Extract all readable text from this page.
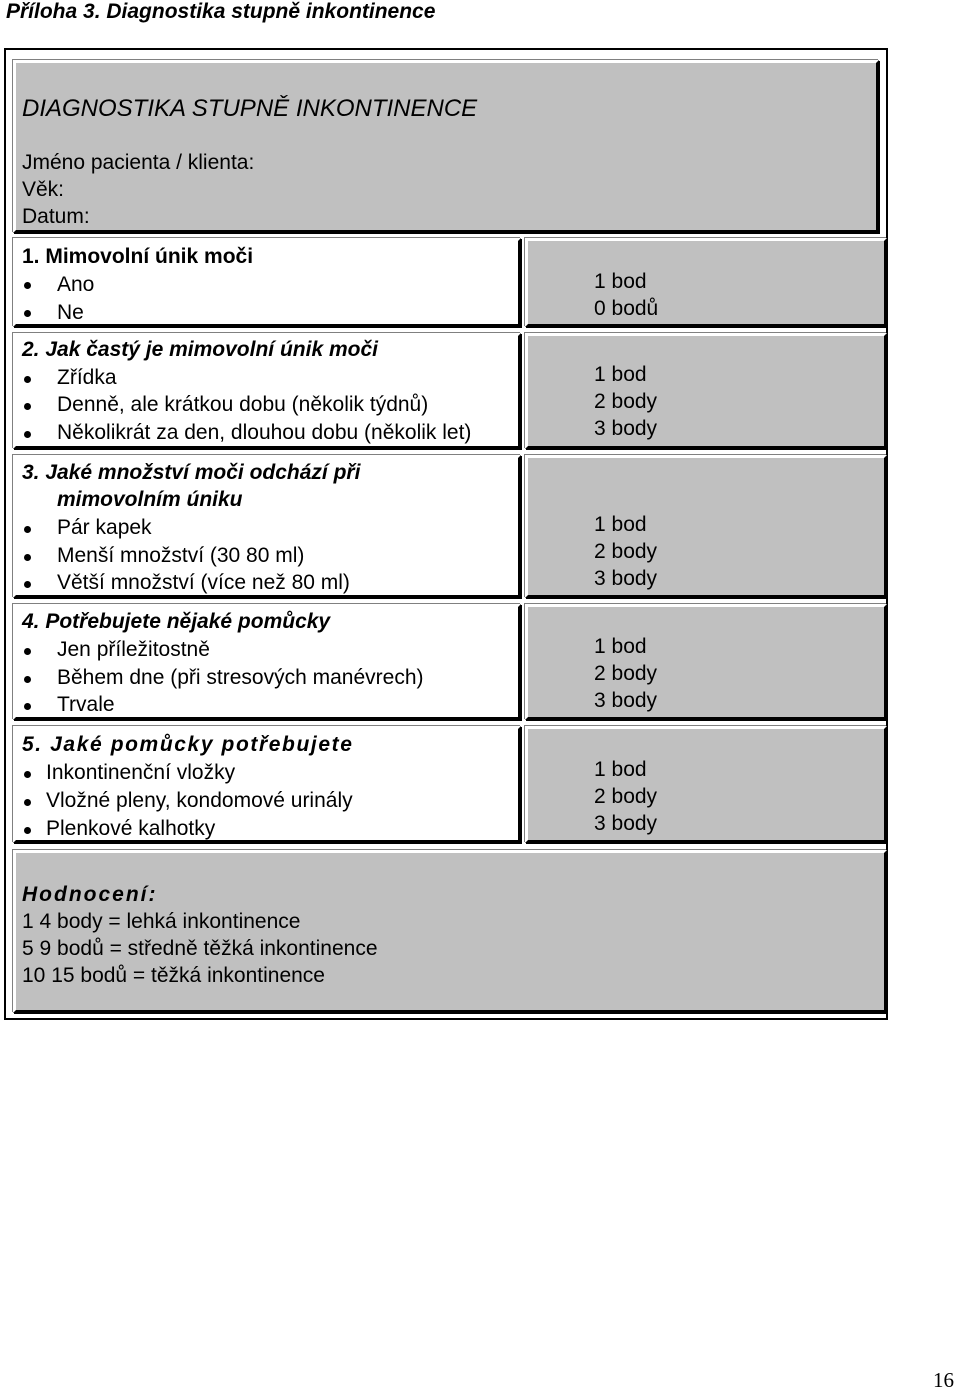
Příloha 3. Diagnostika stupně inkontinence
DIAGNOSTIKA STUPNĚ INKONTINENCE
Jméno pacienta / klienta:
Věk:
Datum:
1. Mimovolní únik moči
Ano
Ne
1 bod
0 bodů
2. Jak častý je mimovolní únik moči
Zřídka
Denně, ale krátkou dobu (několik týdnů)
Několikrát za den, dlouhou dobu (několik let)
1 bod
2 body
3 body
3. Jaké množství moči odchází při
mimovolním úniku
Pár kapek
Menší množství (30 80 ml)
Větší množství (více než 80 ml)
1 bod
2 body
3 body
4. Potřebujete nějaké pomůcky
Jen příležitostně
Během dne (při stresových manévrech)
Trvale
1 bod
2 body
3 body
5. Jaké pomůcky potřebujete
Inkontinenční vložky
Vložné pleny, kondomové urinály
Plenkové kalhotky
1 bod
2 body
3 body
Hodnocení:
1 4 body = lehká inkontinence
5 9 bodů = středně těžká inkontinence
10 15 bodů = těžká inkontinence
16
